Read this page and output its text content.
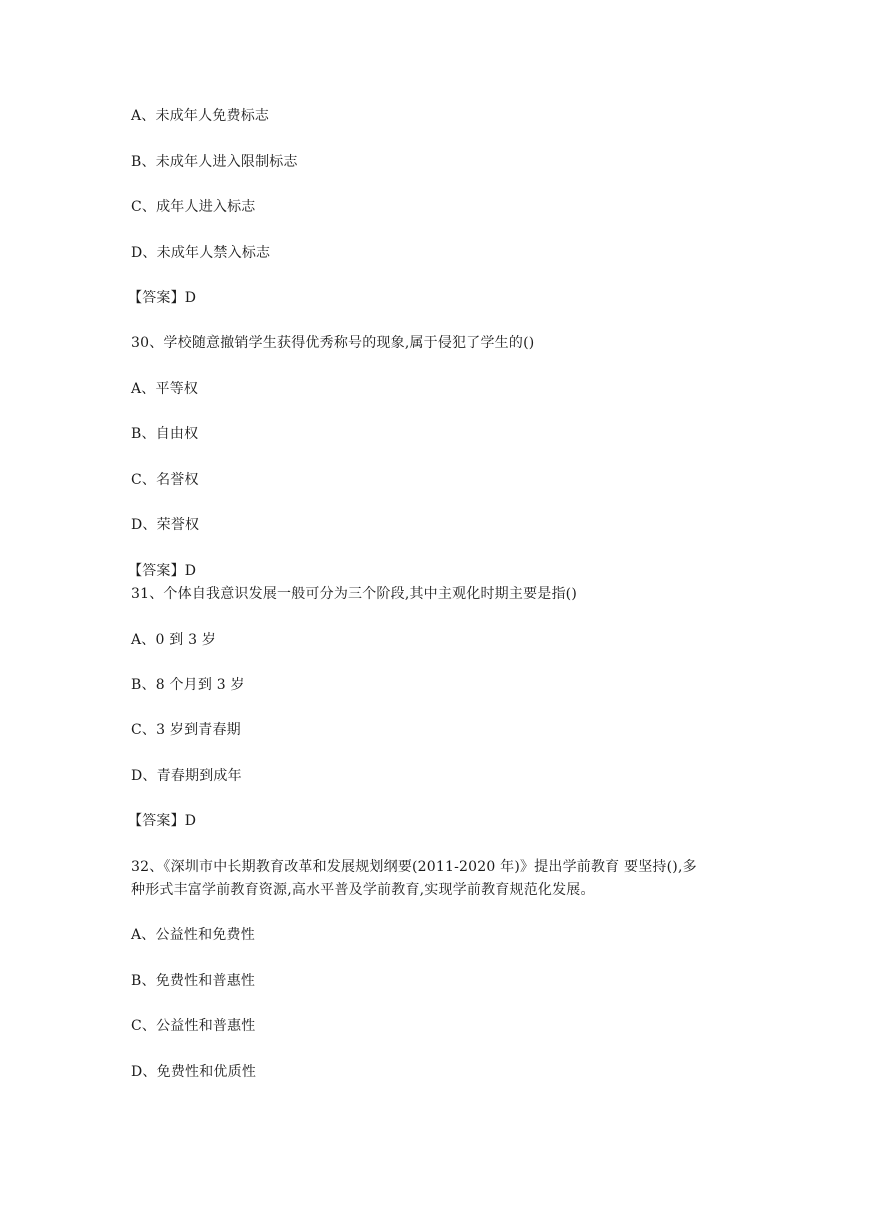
A、未成年人免费标志
B、未成年人进入限制标志
C、成年人进入标志
D、未成年人禁入标志
【答案】D
30、学校随意撤销学生获得优秀称号的现象,属于侵犯了学生的()
A、平等权
B、自由权
C、名誉权
D、荣誉权
【答案】D
31、个体自我意识发展一般可分为三个阶段,其中主观化时期主要是指()
A、0 到 3 岁
B、8 个月到 3 岁
C、3 岁到青春期
D、青春期到成年
【答案】D
32、《深圳市中长期教育改革和发展规划纲要(2011-2020 年)》提出学前教育 要坚持(),多
种形式丰富学前教育资源,高水平普及学前教育,实现学前教育规范化发展。
A、公益性和免费性
B、免费性和普惠性
C、公益性和普惠性
D、免费性和优质性
